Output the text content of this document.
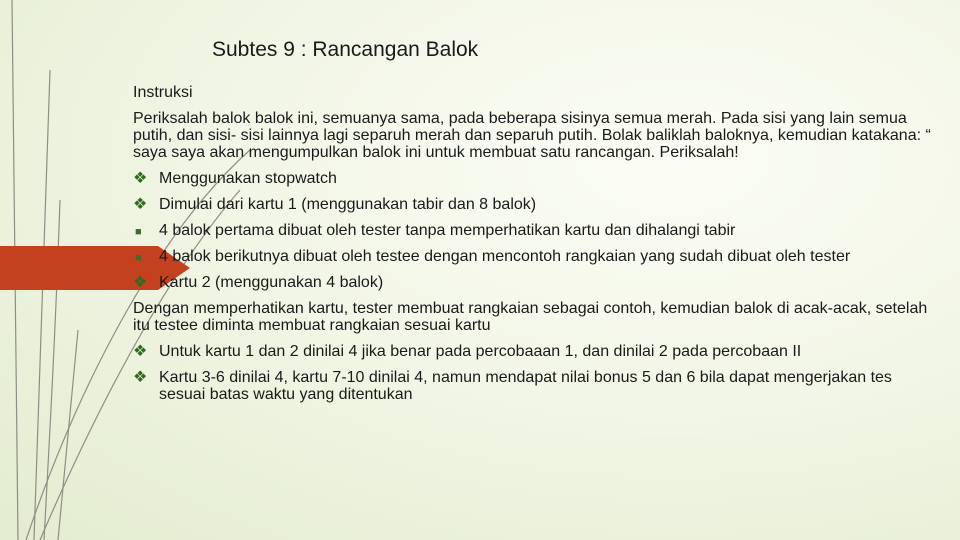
Subtes 9 : Rancangan Balok

Instruksi

Periksalah balok balok ini, semuanya sama, pada beberapa sisinya semua merah. Pada sisi yang lain semua putih, dan sisi- sisi lainnya lagi separuh merah dan separuh putih. Bolak baliklah baloknya, kemudian katakana: “ saya saya akan mengumpulkan balok ini untuk membuat satu rancangan. Periksalah!

❖ Menggunakan stopwatch
❖ Dimulai dari kartu 1 (menggunakan tabir dan 8 balok)
■	4 balok pertama dibuat oleh tester tanpa memperhatikan kartu dan dihalangi tabir
■	4 balok berikutnya dibuat oleh testee dengan mencontoh rangkaian yang sudah dibuat oleh tester
❖ Kartu 2 (menggunakan 4 balok)

Dengan memperhatikan kartu, tester membuat rangkaian sebagai contoh, kemudian balok di acak-acak, setelah itu testee diminta membuat rangkaian sesuai kartu

❖ Untuk kartu 1 dan 2 dinilai 4 jika benar pada percobaaan 1, dan dinilai 2 pada percobaan II
❖ Kartu 3-6 dinilai 4, kartu 7-10 dinilai 4, namun mendapat nilai bonus 5 dan 6 bila dapat mengerjakan tes sesuai batas waktu yang ditentukan
